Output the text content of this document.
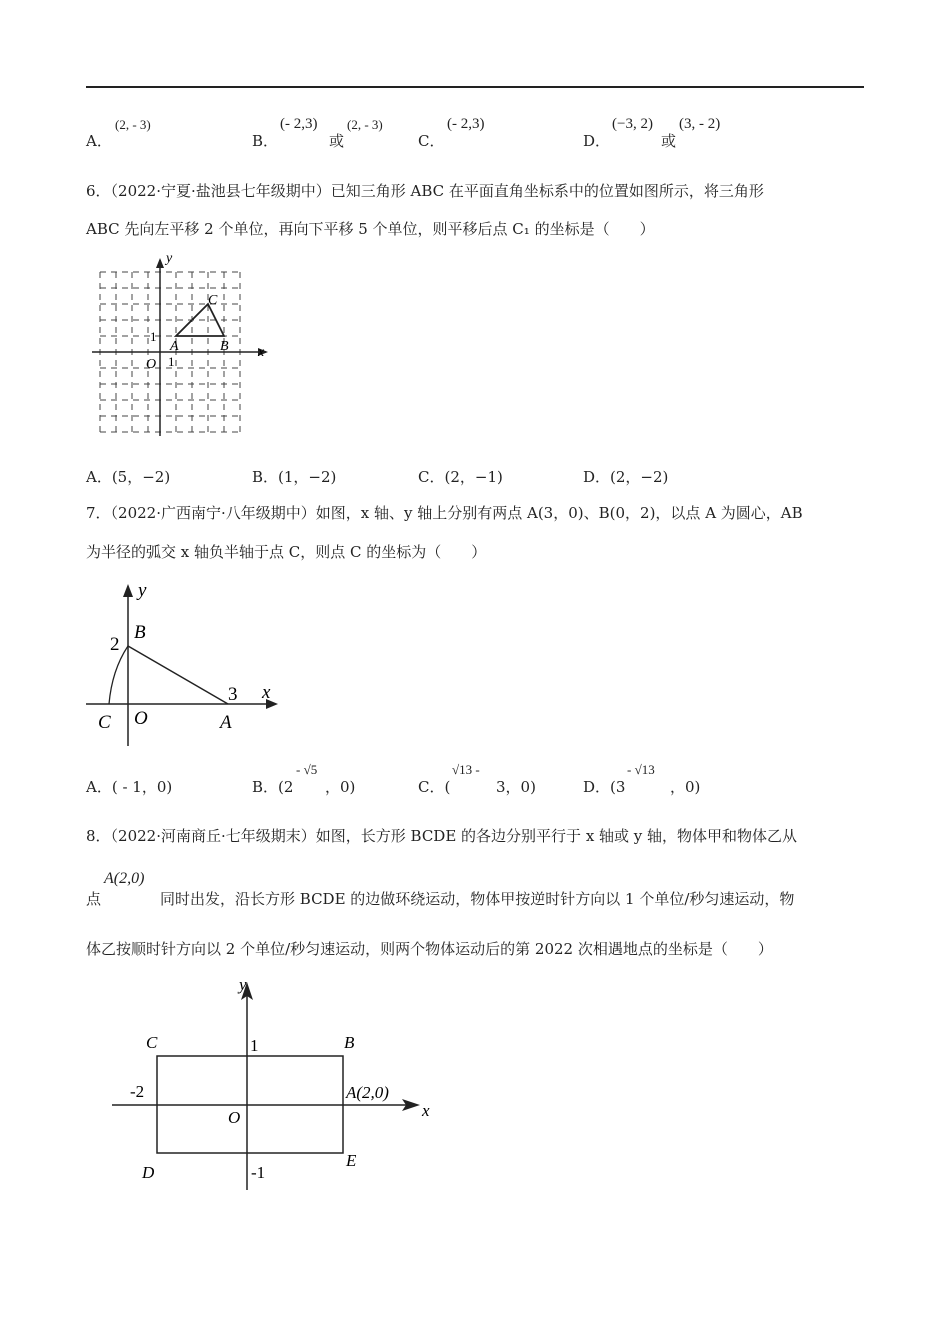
A．
(2, - 3)
B．
(- 2,3)
或
(2, - 3)
C．
(- 2,3)
D．
(−3, 2)
或
(3, - 2)
6．（2022·宁夏·盐池县七年级期中）已知三角形 ABC 在平面直角坐标系中的位置如图所示，将三角形
ABC 先向左平移 2 个单位，再向下平移 5 个单位，则平移后点 C₁ 的坐标是（　　）
y
x
C
A	B
O 1
1
A．(5，−2)	B．(1，−2)	C．(2，−1)	D．(2，−2)
7．（2022·广西南宁·八年级期中）如图，x 轴、y 轴上分别有两点 A(3，0)、B(0，2)，以点 A 为圆心，AB
为半径的弧交 x 轴负半轴于点 C，则点 C 的坐标为（　　）
y
x
B
2
3
C O	A
A．( - 1，0)	B．(2
- √5
，0)	C．(
√13 -
3，0)	D．(3
- √13
，0)
8．（2022·河南商丘·七年级期末）如图，长方形 BCDE 的各边分别平行于 x 轴或 y 轴，物体甲和物体乙从
点
A(2,0)
同时出发，沿长方形 BCDE 的边做环绕运动，物体甲按逆时针方向以 1 个单位/秒匀速运动，物
体乙按顺时针方向以 2 个单位/秒匀速运动，则两个物体运动后的第 2022 次相遇地点的坐标是（　　）
y
x
C	B
1
-2	A(2,0)
O
D
E
-1
